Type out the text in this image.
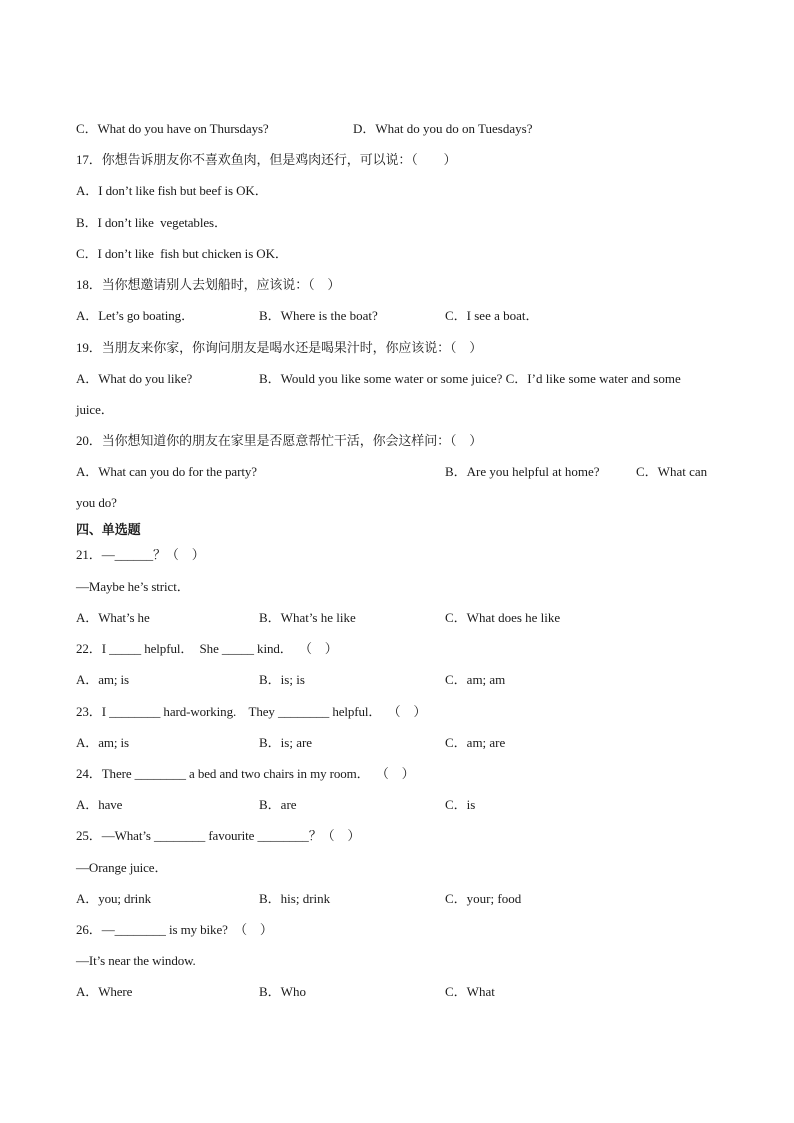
C．What do you have on Thursdays?	D．What do you do on Tuesdays?
17．你想告诉朋友你不喜欢鱼肉，但是鸡肉还行，可以说：（　　）
A．I don’t like fish but beef is OK．
B．I don’t like  vegetables．
C．I don’t like  fish but chicken is OK．
18．当你想邀请别人去划船时，应该说：（　）
A．Let’s go boating．	B．Where is the boat?	C．I see a boat．
19．当朋友来你家，你询问朋友是喝水还是喝果汁时，你应该说：（　）
A．What do you like?	B．Would you like some water or some juice? C．I’d like some water and some
juice．
20．当你想知道你的朋友在家里是否愿意帮忙干活，你会这样问：（　）
A．What can you do for the party?	B．Are you helpful at home?	C．What can
you do?
四、单选题
21．—______？（　）
—Maybe he’s strict．
A．What’s he	B．What’s he like	C．What does he like
22．I _____ helpful．  She _____ kind．  （　）
A．am; is	B．is; is	C．am; am
23．I ________ hard-working.    They ________ helpful．  （　）
A．am; is	B．is; are	C．am; are
24．There ________ a bed and two chairs in my room．  （　）
A．have	B．are	C．is
25．—What’s ________ favourite ________？（　）
—Orange juice．
A．you; drink	B．his; drink	C．your; food
26．—________ is my bike?  （　）
—It’s near the window.
A．Where	B．Who	C．What
